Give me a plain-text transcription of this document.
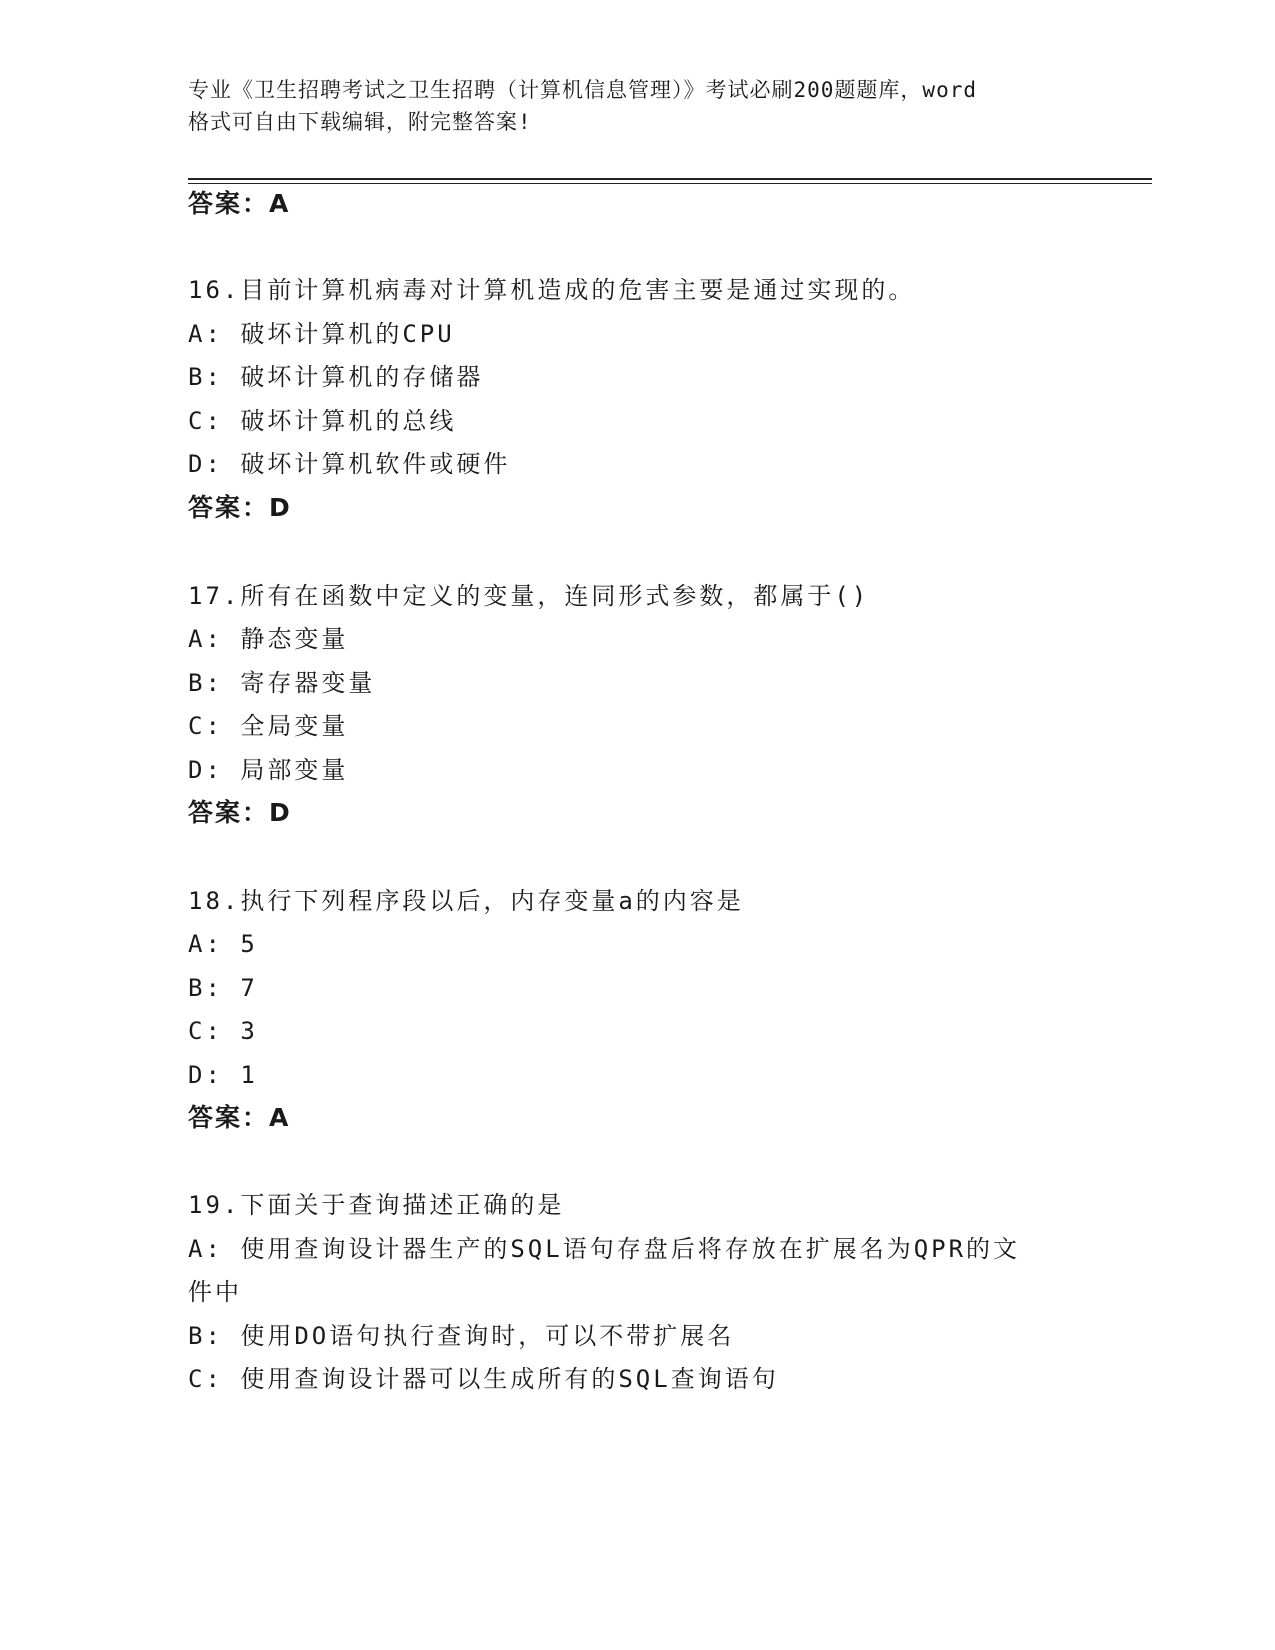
专业《卫生招聘考试之卫生招聘（计算机信息管理）》考试必刷200题题库，word
格式可自由下载编辑，附完整答案!
答案：A
16.目前计算机病毒对计算机造成的危害主要是通过实现的。
A: 破坏计算机的CPU
B: 破坏计算机的存储器
C: 破坏计算机的总线
D: 破坏计算机软件或硬件
答案：D
17.所有在函数中定义的变量，连同形式参数，都属于()
A: 静态变量
B: 寄存器变量
C: 全局变量
D: 局部变量
答案：D
18.执行下列程序段以后，内存变量a的内容是
A: 5
B: 7
C: 3
D: 1
答案：A
19.下面关于查询描述正确的是
A: 使用查询设计器生产的SQL语句存盘后将存放在扩展名为QPR的文
件中
B: 使用DO语句执行查询时，可以不带扩展名
C: 使用查询设计器可以生成所有的SQL查询语句
